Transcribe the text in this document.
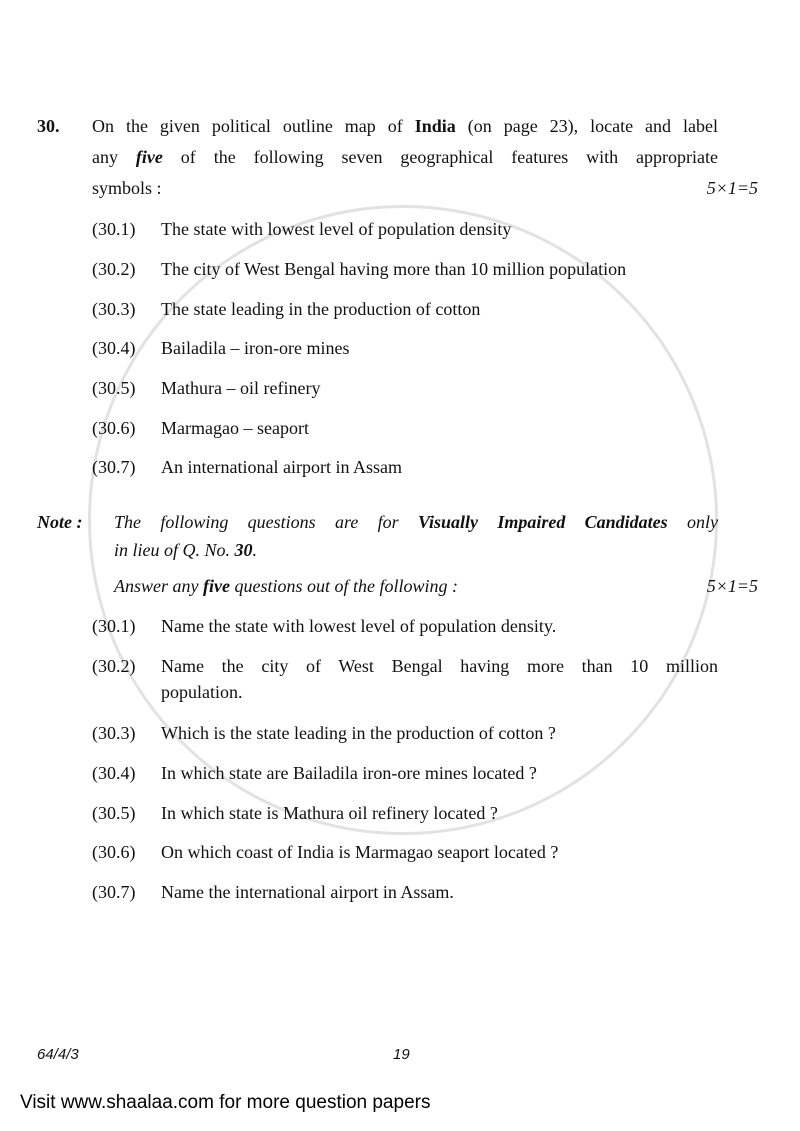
30. On the given political outline map of India (on page 23), locate and label
any five of the following seven geographical features with appropriate
symbols :	5×1=5
(30.1) The state with lowest level of population density
(30.2) The city of West Bengal having more than 10 million population
(30.3) The state leading in the production of cotton
(30.4) Bailadila – iron-ore mines
(30.5) Mathura – oil refinery
(30.6) Marmagao – seaport
(30.7) An international airport in Assam
Note : The following questions are for Visually Impaired Candidates only
in lieu of Q. No. 30.
Answer any five questions out of the following :	5×1=5
(30.1) Name the state with lowest level of population density.
(30.2) Name the city of West Bengal having more than 10 million
population.
(30.3) Which is the state leading in the production of cotton ?
(30.4) In which state are Bailadila iron-ore mines located ?
(30.5) In which state is Mathura oil refinery located ?
(30.6) On which coast of India is Marmagao seaport located ?
(30.7) Name the international airport in Assam.
64/4/3	19
Visit www.shaalaa.com for more question papers
